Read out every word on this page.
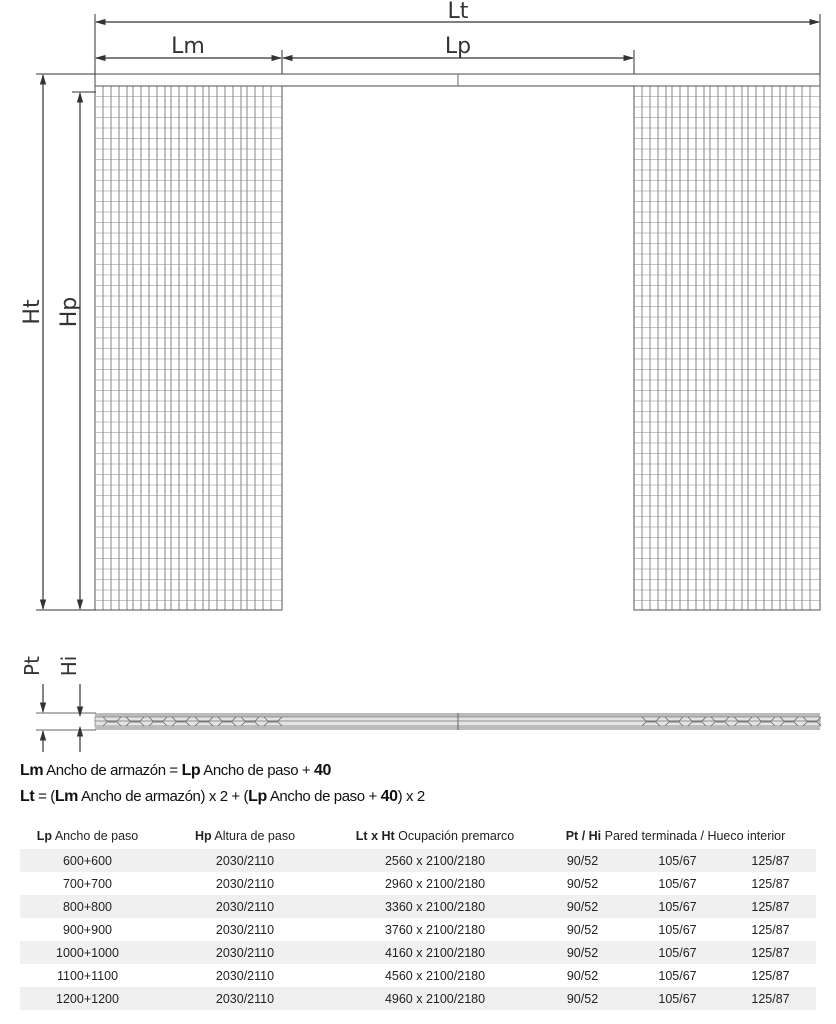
Lt
Lm	Lp
Ht Hp
Pt Hi
Lm Ancho de armazón = Lp Ancho de paso + 40
Lt = (Lm Ancho de armazón) x 2 + (Lp Ancho de paso + 40) x 2
Lp Ancho de paso	Hp Altura de paso	Lt x Ht Ocupación premarco	Pt / Hi Pared terminada / Hueco interior		
600+600	2030/2110	2560 x 2100/2180	90/52	105/67	125/87
700+700	2030/2110	2960 x 2100/2180	90/52	105/67	125/87
800+800	2030/2110	3360 x 2100/2180	90/52	105/67	125/87
900+900	2030/2110	3760 x 2100/2180	90/52	105/67	125/87
1000+1000	2030/2110	4160 x 2100/2180	90/52	105/67	125/87
1100+1100	2030/2110	4560 x 2100/2180	90/52	105/67	125/87
1200+1200	2030/2110	4960 x 2100/2180	90/52	105/67	125/87
